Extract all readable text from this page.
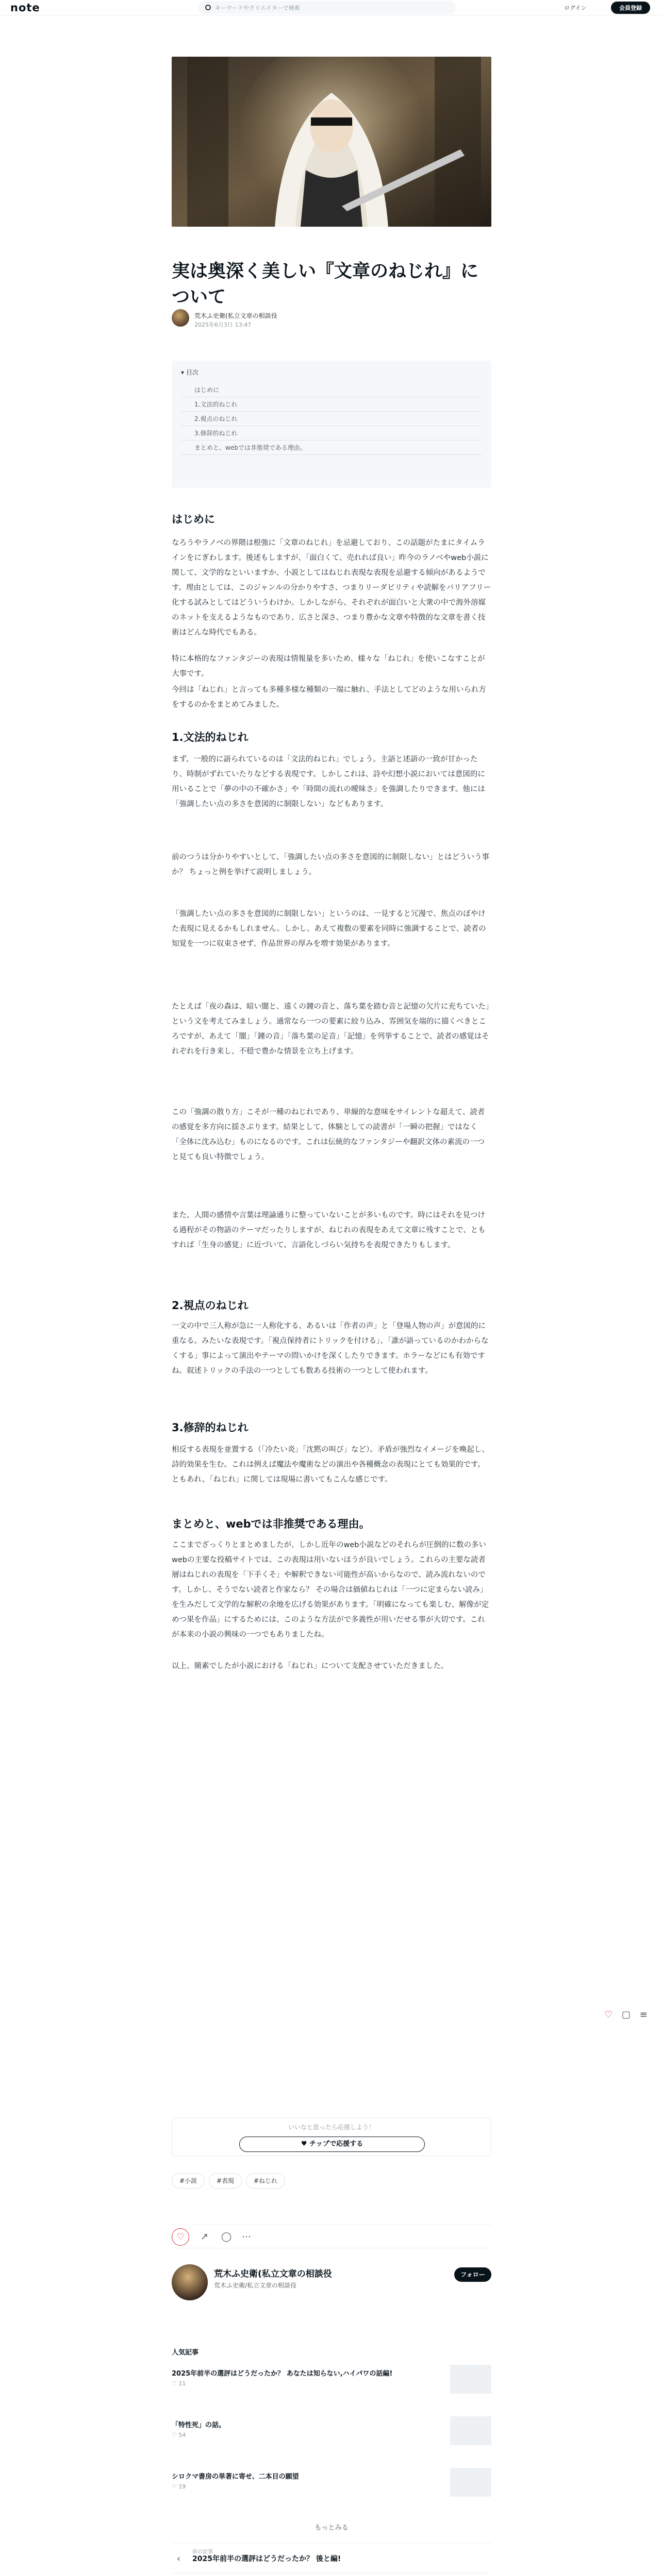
note	キーワードやクリエイターで検索	ログイン	会員登録
実は奥深く美しい『文章のねじれ』について
荒木ふ史衛(私立文章の相談役
2025年6月3日 13:47
▾ 目次
はじめに
1.文法的ねじれ
2.視点のねじれ
3.修辞的ねじれ
まとめと、webでは非推奨である理由。
はじめに

なろうやラノベの界隈は根強に「文章のねじれ」を忌避しており、この話題がたまにタイムラインをにぎわします。後述もしますが、「面白くて、売れれば良い」昨今のラノベやweb小説に関して、文学的なといいますか、小説としてはねじれ表現な表現を忌避する傾向があるようです。理由としては、このジャンルの分かりやすさ、つまりリーダビリティや読解をバリアフリー化する試みとしてはどういうわけか。しかしながら、それぞれが面白いと大衆の中で海外溶媒のネットを支えるようなものであり、広さと深さ、つまり豊かな文章や特徴的な文章を書く技術はどんな時代でもある。

特に本格的なファンタジーの表現は情報量を多いため、様々な「ねじれ」を使いこなすことが大事です。

今回は「ねじれ」と言っても多種多様な種類の一端に触れ、手法としてどのような用いられ方をするのかをまとめてみました。

1.文法的ねじれ

まず、一般的に語られているのは「文法的ねじれ」でしょう。主語と述語の一致が甘かったり、時制がずれていたりなどする表現です。しかしこれは、詩や幻想小説においては意図的に用いることで「夢の中の不確かさ」や「時間の流れの曖昧さ」を強調したりできます。他には「強調したい点の多さを意図的に制限しない」などもあります。

前のつうは分かりやすいとして、「強調したい点の多さを意図的に制限しない」とはどういう事か？ ちょっと例を挙げて説明しましょう。

「強調したい点の多さを意図的に制限しない」というのは、一見すると冗漫で、焦点のぼやけた表現に見えるかもしれません。しかし、あえて複数の要素を同時に強調することで、読者の知覚を一つに収束させず、作品世界の厚みを増す効果があります。

たとえば「夜の森は、暗い闇と、遠くの鐘の音と、落ち葉を踏む音と記憶の欠片に充ちていた」という文を考えてみましょう。通常なら一つの要素に絞り込み、雰囲気を端的に描くべきところですが、あえて「闇」「鐘の音」「落ち葉の足音」「記憶」を列挙することで、読者の感覚はそれぞれを行き来し、不穏で豊かな情景を立ち上げます。

この「強調の散り方」こそが一種のねじれであり、単線的な意味をサイレントな超えて、読者の感覚を多方向に揺さぶります。結果として、体験としての読書が「一瞬の把握」ではなく「全体に沈み込む」ものになるのです。これは伝統的なファンタジーや翻訳文体の素流の一つと見ても良い特徴でしょう。

また、人間の感情や言葉は理論通りに整っていないことが多いものです。時にはそれを見つける過程がその物語のテーマだったりしますが、ねじれの表現をあえて文章に残すことで、ともすれば「生身の感覚」に近づいて、言語化しづらい気持ちを表現できたりもします。

2.視点のねじれ

一文の中で三人称が急に一人称化する、あるいは「作者の声」と「登場人物の声」が意図的に重なる。みたいな表現です。「視点保持者にトリックを付ける」、「誰が語っているのかわからなくする」事によって演出やテーマの問いかけを深くしたりできます。ホラーなどにも有効ですね。叙述トリックの手法の一つとしても数ある技術の一つとして使われます。

3.修辞的ねじれ

相反する表現を並置する（「冷たい炎」「沈黙の叫び」など）。矛盾が強烈なイメージを喚起し、詩的効果を生む。これは例えば魔法や魔術などの演出や各種概念の表現にとても効果的です。ともあれ、「ねじれ」に関しては現場に書いてもこんな感じです。

まとめと、webでは非推奨である理由。

ここまでざっくりとまとめましたが、しかし近年のweb小説などのそれらが圧倒的に数の多いwebの主要な投稿サイトでは、この表現は用いないほうが良いでしょう。これらの主要な読者層はねじれの表現を「下手くそ」や解釈できない可能性が高いからなので、読み流れないのです。しかし、そうでない読者と作家なら？ その場合は価値ねじれは「一つに定まらない読み」を生みだして文学的な解釈の余地を広げる効果があります。「明確になっても楽しむ、解像が定めつ果を作品」にするためには、このような方法がで多義性が用いだせる事が大切です。これが本来の小説の興味の一つでもありましたね。

以上、簡素でしたが小説における「ねじれ」について支配させていただきました。

いいなと思ったら応援しよう！
♥ チップで応援する
#小説	#表現	#ねじれ
♡	↗ ◯ ⋯
♡ ▢ ≡
荒木ふ史衛(私立文章の相談役
荒木ふ史衛/私立文章の相談役
フォロー
人気記事
2025年前半の選評はどうだったか？ あなたは知らない,ハイパワの話編!
♡ 11
「特性死」の話。
♡ 54
シロクマ書房の単著に寄せ、二本目の願望
♡ 19
もっとみる
‹
前の記事
2025年前半の選評はどうだったか？ 後と編!
